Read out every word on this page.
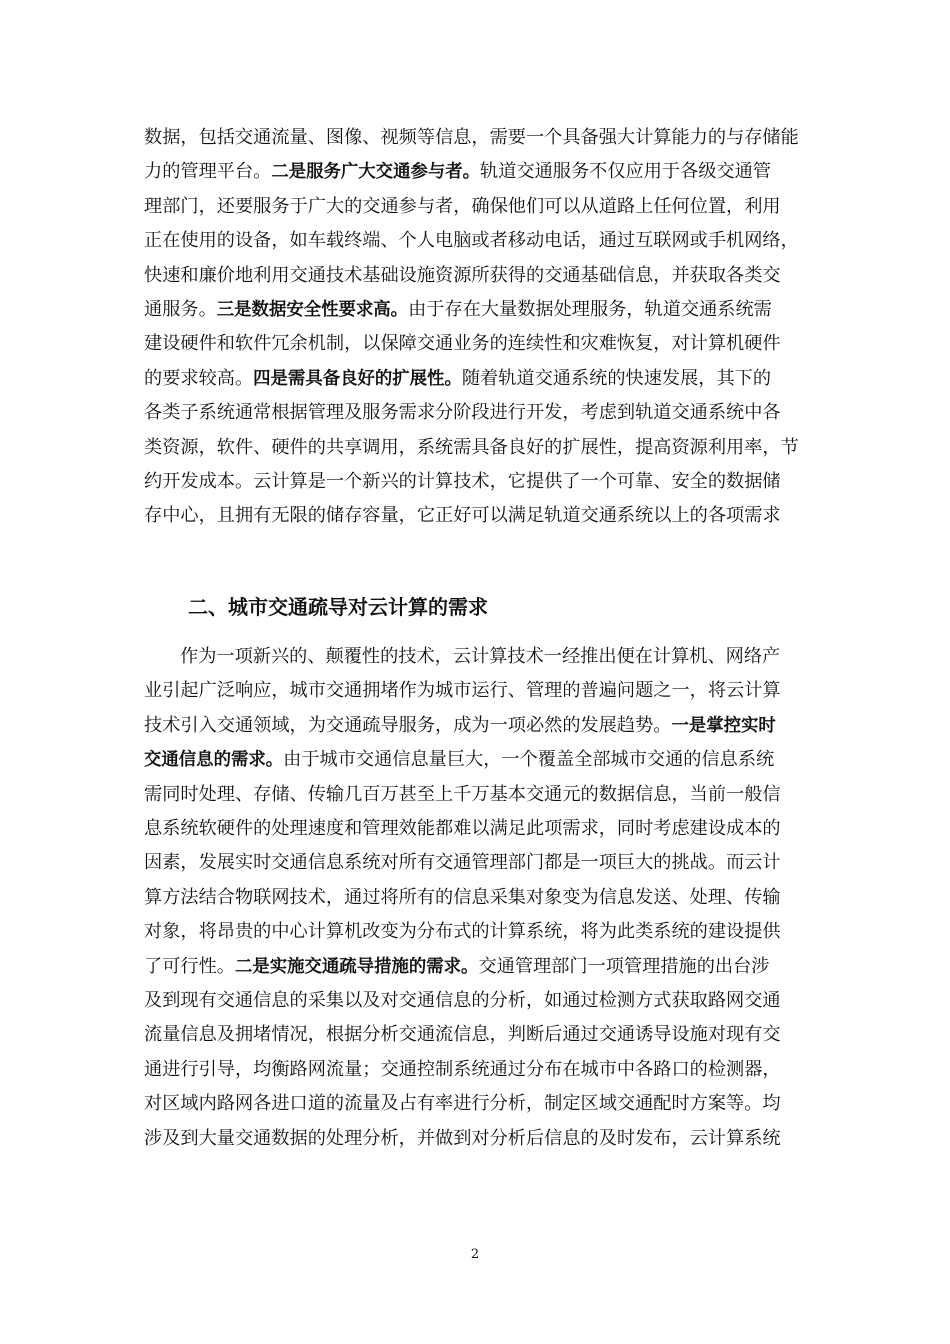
数据，包括交通流量、图像、视频等信息，需要一个具备强大计算能力的与存储能
力的管理平台。二是服务广大交通参与者。轨道交通服务不仅应用于各级交通管
理部门，还要服务于广大的交通参与者，确保他们可以从道路上任何位置，利用
正在使用的设备，如车载终端、个人电脑或者移动电话，通过互联网或手机网络，
快速和廉价地利用交通技术基础设施资源所获得的交通基础信息，并获取各类交
通服务。三是数据安全性要求高。由于存在大量数据处理服务，轨道交通系统需
建设硬件和软件冗余机制，以保障交通业务的连续性和灾难恢复，对计算机硬件
的要求较高。四是需具备良好的扩展性。随着轨道交通系统的快速发展，其下的
各类子系统通常根据管理及服务需求分阶段进行开发，考虑到轨道交通系统中各
类资源，软件、硬件的共享调用，系统需具备良好的扩展性，提高资源利用率，节
约开发成本。云计算是一个新兴的计算技术，它提供了一个可靠、安全的数据储
存中心，且拥有无限的储存容量，它正好可以满足轨道交通系统以上的各项需求
二、城市交通疏导对云计算的需求
作为一项新兴的、颠覆性的技术，云计算技术一经推出便在计算机、网络产
业引起广泛响应，城市交通拥堵作为城市运行、管理的普遍问题之一，将云计算
技术引入交通领域，为交通疏导服务，成为一项必然的发展趋势。一是掌控实时
交通信息的需求。由于城市交通信息量巨大，一个覆盖全部城市交通的信息系统
需同时处理、存储、传输几百万甚至上千万基本交通元的数据信息，当前一般信
息系统软硬件的处理速度和管理效能都难以满足此项需求，同时考虑建设成本的
因素，发展实时交通信息系统对所有交通管理部门都是一项巨大的挑战。而云计
算方法结合物联网技术，通过将所有的信息采集对象变为信息发送、处理、传输
对象，将昂贵的中心计算机改变为分布式的计算系统，将为此类系统的建设提供
了可行性。二是实施交通疏导措施的需求。交通管理部门一项管理措施的出台涉
及到现有交通信息的采集以及对交通信息的分析，如通过检测方式获取路网交通
流量信息及拥堵情况，根据分析交通流信息，判断后通过交通诱导设施对现有交
通进行引导，均衡路网流量；交通控制系统通过分布在城市中各路口的检测器，
对区域内路网各进口道的流量及占有率进行分析，制定区域交通配时方案等。均
涉及到大量交通数据的处理分析，并做到对分析后信息的及时发布，云计算系统
2
